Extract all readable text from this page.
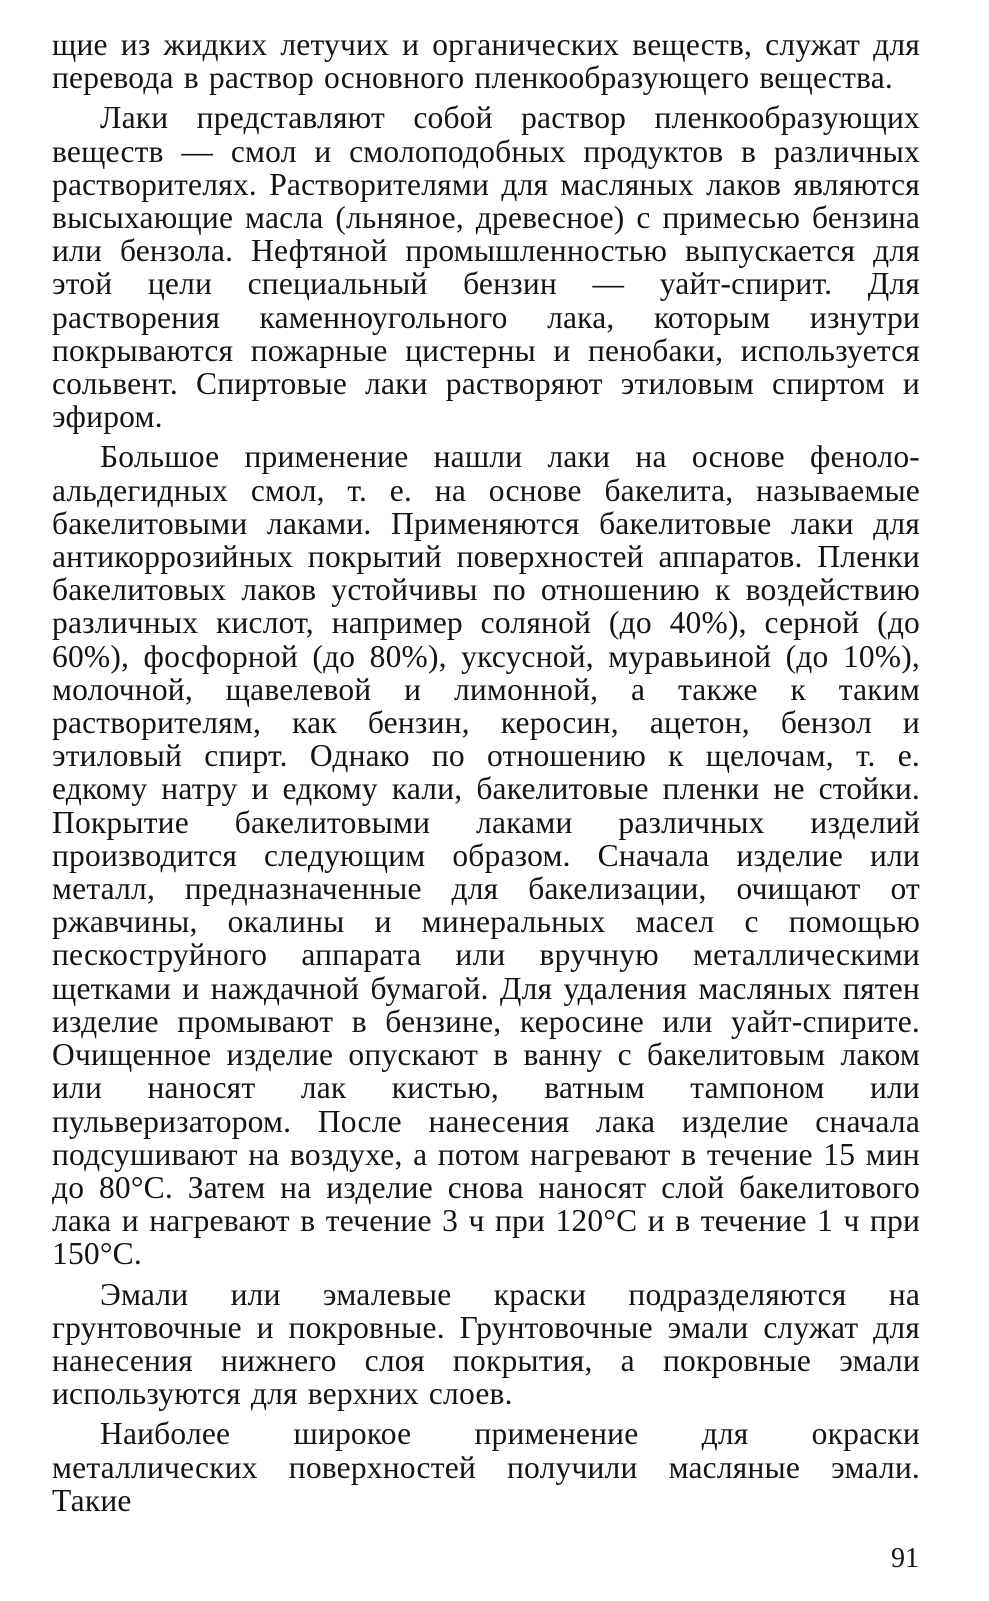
щие из жидких летучих и органических веществ, служат для перевода в раствор основного пленкообразующего вещества.

Лаки представляют собой раствор пленкообразующих веществ — смол и смолоподобных продуктов в различных растворителях. Растворителями для масляных лаков являются высыхающие масла (льняное, древесное) с примесью бензина или бензола. Нефтяной промышленностью выпускается для этой цели специальный бензин — уайт-спирит. Для растворения каменноугольного лака, которым изнутри покрываются пожарные цистерны и пенобаки, используется сольвент. Спиртовые лаки растворяют этиловым спиртом и эфиром.

Большое применение нашли лаки на основе феноло-альдегидных смол, т. е. на основе бакелита, называемые бакелитовыми лаками. Применяются бакелитовые лаки для антикоррозийных покрытий поверхностей аппаратов. Пленки бакелитовых лаков устойчивы по отношению к воздействию различных кислот, например соляной (до 40%), серной (до 60%), фосфорной (до 80%), уксусной, муравьиной (до 10%), молочной, щавелевой и лимонной, а также к таким растворителям, как бензин, керосин, ацетон, бензол и этиловый спирт. Однако по отношению к щелочам, т. е. едкому натру и едкому кали, бакелитовые пленки не стойки. Покрытие бакелитовыми лаками различных изделий производится следующим образом. Сначала изделие или металл, предназначенные для бакелизации, очищают от ржавчины, окалины и минеральных масел с помощью пескоструйного аппарата или вручную металлическими щетками и наждачной бумагой. Для удаления масляных пятен изделие промывают в бензине, керосине или уайт-спирите. Очищенное изделие опускают в ванну с бакелитовым лаком или наносят лак кистью, ватным тампоном или пульверизатором. После нанесения лака изделие сначала подсушивают на воздухе, а потом нагревают в течение 15 мин до 80°С. Затем на изделие снова наносят слой бакелитового лака и нагревают в течение 3 ч при 120°С и в течение 1 ч при 150°С.

Эмали или эмалевые краски подразделяются на грунтовочные и покровные. Грунтовочные эмали служат для нанесения нижнего слоя покрытия, а покровные эмали используются для верхних слоев.

Наиболее широкое применение для окраски металлических поверхностей получили масляные эмали. Такие

91
